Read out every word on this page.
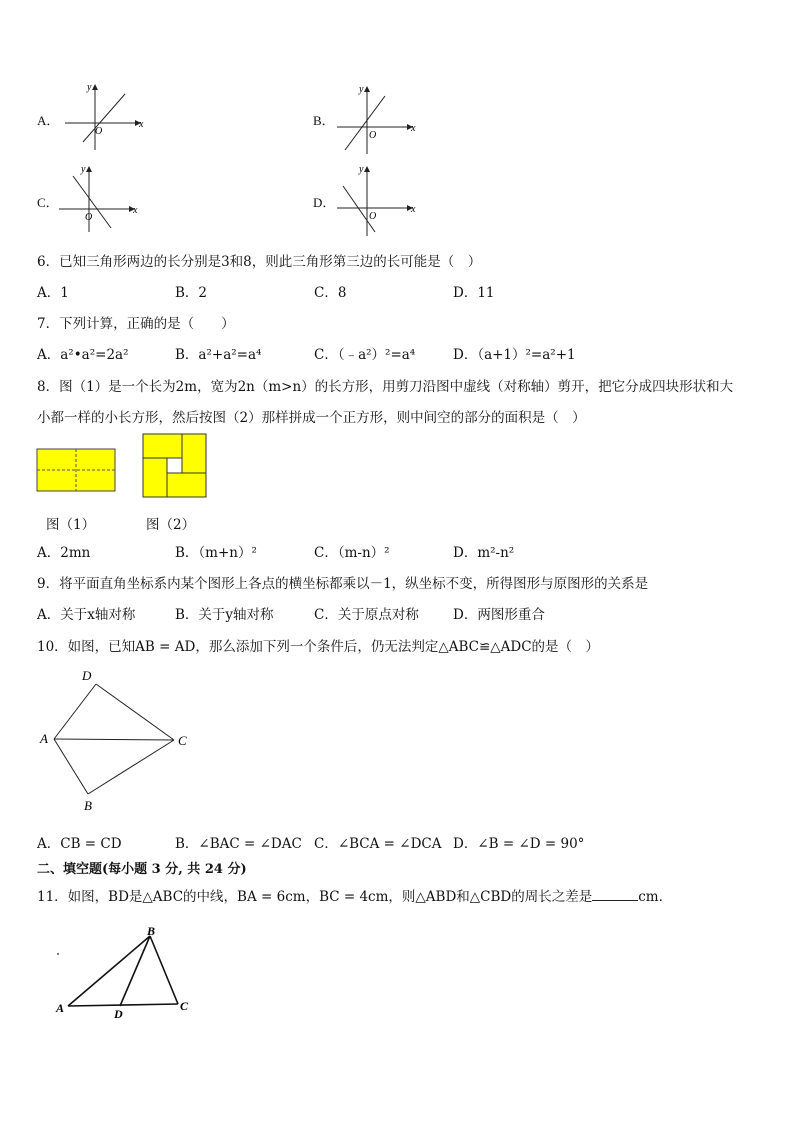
A．	x
y
O
B．
x
y
O
C．
x
y
O
D．	x
y
O
6．已知三角形两边的长分别是3和8，则此三角形第三边的长可能是（　）
A．1	B．2	C．8	D．11
7．下列计算，正确的是（　　）
A．a²•a²=2a²	B．a²+a²=a⁴	C．（﹣a²）²=a⁴	D．（a+1）²=a²+1
8．图（1）是一个长为2m，宽为2n（m>n）的长方形，用剪刀沿图中虚线（对称轴）剪开，把它分成四块形状和大
小都一样的小长方形，然后按图（2）那样拼成一个正方形，则中间空的部分的面积是（　）
图（1）	图（2）
A．2mn	B．（m+n）²	C．（m-n）²	D．m²-n²
9．将平面直角坐标系内某个图形上各点的横坐标都乘以－1，纵坐标不变，所得图形与原图形的关系是
A．关于x轴对称	B．关于y轴对称	C．关于原点对称	D．两图形重合
10．如图，已知AB = AD，那么添加下列一个条件后，仍无法判定△ABC≌△ADC的是（　）
D
A	C
B
A．CB = CD	B．∠BAC = ∠DAC C．∠BCA = ∠DCA D．∠B = ∠D = 90°
二、填空题(每小题 3 分, 共 24 分)
11．如图，BD是△ABC的中线，BA = 6cm，BC = 4cm，则△ABD和△CBD的周长之差是	cm．
B
A	C
D
